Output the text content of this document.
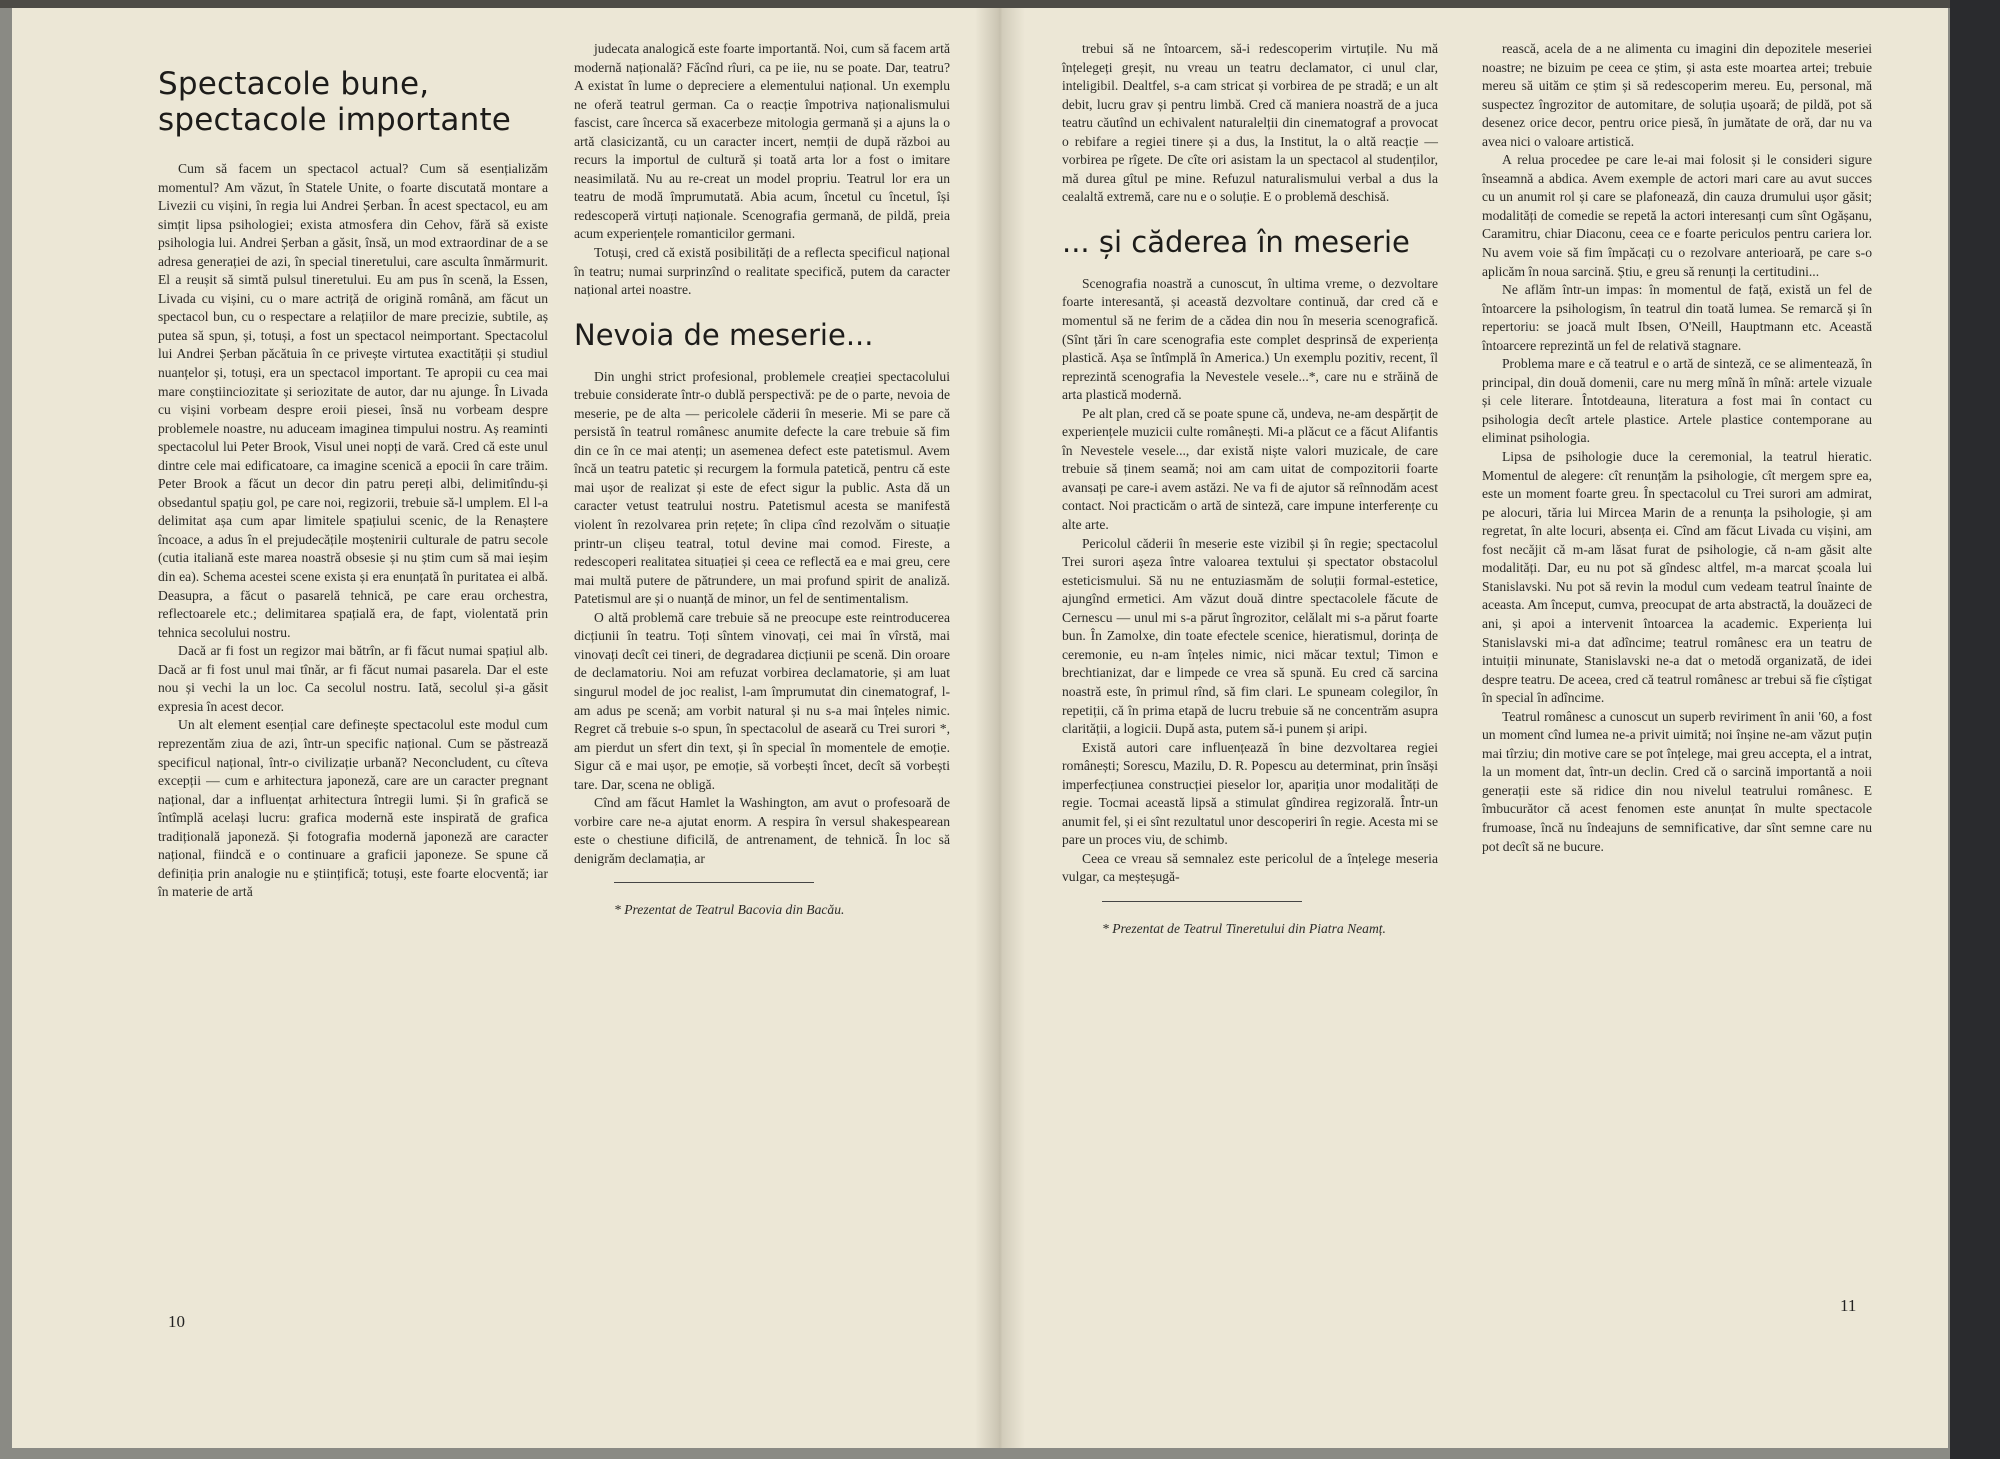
Spectacole bune, spectacole importante

Cum să facem un spectacol actual? Cum să esențializăm momentul? Am văzut, în Statele Unite, o foarte discutată montare a Livezii cu vișini, în regia lui Andrei Șerban. În acest spectacol, eu am simțit lipsa psihologiei; exista atmosfera din Cehov, fără să existe psihologia lui. Andrei Șerban a găsit, însă, un mod extraordinar de a se adresa generației de azi, în special tineretului, care asculta înmărmurit. El a reușit să simtă pulsul tineretului. Eu am pus în scenă, la Essen, Livada cu vișini, cu o mare actriță de origină română, am făcut un spectacol bun, cu o respectare a relațiilor de mare precizie, subtile, aș putea să spun, și, totuși, a fost un spectacol neimportant. Spectacolul lui Andrei Șerban păcătuia în ce privește virtutea exactității și studiul nuanțelor și, totuși, era un spectacol important. Te apropii cu cea mai mare conștiinciozitate și seriozitate de autor, dar nu ajunge. În Livada cu vișini vorbeam despre eroii piesei, însă nu vorbeam despre problemele noastre, nu aduceam imaginea timpului nostru. Aș reaminti spectacolul lui Peter Brook, Visul unei nopți de vară. Cred că este unul dintre cele mai edificatoare, ca imagine scenică a epocii în care trăim. Peter Brook a făcut un decor din patru pereți albi, delimitîndu-și obsedantul spațiu gol, pe care noi, regizorii, trebuie să-l umplem. El l-a delimitat așa cum apar limitele spațiului scenic, de la Renaștere încoace, a adus în el prejudecățile moștenirii culturale de patru secole (cutia italiană este marea noastră obsesie și nu știm cum să mai ieșim din ea). Schema acestei scene exista și era enunțată în puritatea ei albă. Deasupra, a făcut o pasarelă tehnică, pe care erau orchestra, reflectoarele etc.; delimitarea spațială era, de fapt, violentată prin tehnica secolului nostru.

Dacă ar fi fost un regizor mai bătrîn, ar fi făcut numai spațiul alb. Dacă ar fi fost unul mai tînăr, ar fi făcut numai pasarela. Dar el este nou și vechi la un loc. Ca secolul nostru. Iată, secolul și-a găsit expresia în acest decor.

Un alt element esențial care definește spectacolul este modul cum reprezentăm ziua de azi, într-un specific național. Cum se păstrează specificul național, într-o civilizație urbană? Neconcludent, cu cîteva excepții — cum e arhitectura japoneză, care are un caracter pregnant național, dar a influențat arhitectura întregii lumi. Și în grafică se întîmplă același lucru: grafica modernă este inspirată de grafica tradițională japoneză. Și fotografia modernă japoneză are caracter național, fiindcă e o continuare a graficii japoneze. Se spune că definiția prin analogie nu e științifică; totuși, este foarte elocventă; iar în materie de artă

judecata analogică este foarte importantă. Noi, cum să facem artă modernă națională? Făcînd rîuri, ca pe iie, nu se poate. Dar, teatru? A existat în lume o depreciere a elementului național. Un exemplu ne oferă teatrul german. Ca o reacție împotriva naționalismului fascist, care încerca să exacerbeze mitologia germană și a ajuns la o artă clasicizantă, cu un caracter incert, nemții de după război au recurs la importul de cultură și toată arta lor a fost o imitare neasimilată. Nu au re-creat un model propriu. Teatrul lor era un teatru de modă împrumutată. Abia acum, încetul cu încetul, își redescoperă virtuți naționale. Scenografia germană, de pildă, preia acum experiențele romanticilor germani.

Totuși, cred că există posibilități de a reflecta specificul național în teatru; numai surprinzînd o realitate specifică, putem da caracter național artei noastre.

Nevoia de meserie...

Din unghi strict profesional, problemele creației spectacolului trebuie considerate într-o dublă perspectivă: pe de o parte, nevoia de meserie, pe de alta — pericolele căderii în meserie. Mi se pare că persistă în teatrul românesc anumite defecte la care trebuie să fim din ce în ce mai atenți; un asemenea defect este patetismul. Avem încă un teatru patetic și recurgem la formula patetică, pentru că este mai ușor de realizat și este de efect sigur la public. Asta dă un caracter vetust teatrului nostru. Patetismul acesta se manifestă violent în rezolvarea prin rețete; în clipa cînd rezolvăm o situație printr-un clișeu teatral, totul devine mai comod. Fireste, a redescoperi realitatea situației și ceea ce reflectă ea e mai greu, cere mai multă putere de pătrundere, un mai profund spirit de analiză. Patetismul are și o nuanță de minor, un fel de sentimentalism.

O altă problemă care trebuie să ne preocupe este reintroducerea dicțiunii în teatru. Toți sîntem vinovați, cei mai în vîrstă, mai vinovați decît cei tineri, de degradarea dicțiunii pe scenă. Din oroare de declamatoriu. Noi am refuzat vorbirea declamatorie, și am luat singurul model de joc realist, l-am împrumutat din cinematograf, l-am adus pe scenă; am vorbit natural și nu s-a mai înțeles nimic. Regret că trebuie s-o spun, în spectacolul de aseară cu Trei surori *, am pierdut un sfert din text, și în special în momentele de emoție. Sigur că e mai ușor, pe emoție, să vorbești încet, decît să vorbești tare. Dar, scena ne obligă.

Cînd am făcut Hamlet la Washington, am avut o profesoară de vorbire care ne-a ajutat enorm. A respira în versul shakespearean este o chestiune dificilă, de antrenament, de tehnică. În loc să denigrăm declamația, ar

* Prezentat de Teatrul Bacovia din Bacău.

trebui să ne întoarcem, să-i redescoperim virtuțile. Nu mă înțelegeți greșit, nu vreau un teatru declamator, ci unul clar, inteligibil. Dealtfel, s-a cam stricat și vorbirea de pe stradă; e un alt debit, lucru grav și pentru limbă. Cred că maniera noastră de a juca teatru căutînd un echivalent naturalelții din cinematograf a provocat o rebifare a regiei tinere și a dus, la Institut, la o altă reacție — vorbirea pe rîgete. De cîte ori asistam la un spectacol al studenților, mă durea gîtul pe mine. Refuzul naturalismului verbal a dus la cealaltă extremă, care nu e o soluție. E o problemă deschisă.

... și căderea în meserie

Scenografia noastră a cunoscut, în ultima vreme, o dezvoltare foarte interesantă, și această dezvoltare continuă, dar cred că e momentul să ne ferim de a cădea din nou în meseria scenografică. (Sînt țări în care scenografia este complet desprinsă de experiența plastică. Așa se întîmplă în America.) Un exemplu pozitiv, recent, îl reprezintă scenografia la Nevestele vesele...*, care nu e străină de arta plastică modernă.

Pe alt plan, cred că se poate spune că, undeva, ne-am despărțit de experiențele muzicii culte românești. Mi-a plăcut ce a făcut Alifantis în Nevestele vesele..., dar există niște valori muzicale, de care trebuie să ținem seamă; noi am cam uitat de compozitorii foarte avansați pe care-i avem astăzi. Ne va fi de ajutor să reînnodăm acest contact. Noi practicăm o artă de sinteză, care impune interferențe cu alte arte.

Pericolul căderii în meserie este vizibil și în regie; spectacolul Trei surori așeza între valoarea textului și spectator obstacolul esteticismului. Să nu ne entuziasmăm de soluții formal-estetice, ajungînd ermetici. Am văzut două dintre spectacolele făcute de Cernescu — unul mi s-a părut îngrozitor, celălalt mi s-a părut foarte bun. În Zamolxe, din toate efectele scenice, hieratismul, dorința de ceremonie, eu n-am înțeles nimic, nici măcar textul; Timon e brechtianizat, dar e limpede ce vrea să spună. Eu cred că sarcina noastră este, în primul rînd, să fim clari. Le spuneam colegilor, în repetiții, că în prima etapă de lucru trebuie să ne concentrăm asupra clarității, a logicii. După asta, putem să-i punem și aripi.

Există autori care influențează în bine dezvoltarea regiei românești; Sorescu, Mazilu, D. R. Popescu au determinat, prin însăși imperfecțiunea construcției pieselor lor, apariția unor modalități de regie. Tocmai această lipsă a stimulat gîndirea regizorală. Într-un anumit fel, și ei sînt rezultatul unor descoperiri în regie. Acesta mi se pare un proces viu, de schimb.

Ceea ce vreau să semnalez este pericolul de a înțelege meseria vulgar, ca meșteșugă-

* Prezentat de Teatrul Tineretului din Piatra Neamț.

rească, acela de a ne alimenta cu imagini din depozitele meseriei noastre; ne bizuim pe ceea ce știm, și asta este moartea artei; trebuie mereu să uităm ce știm și să redescoperim mereu. Eu, personal, mă suspectez îngrozitor de automitare, de soluția ușoară; de pildă, pot să desenez orice decor, pentru orice piesă, în jumătate de oră, dar nu va avea nici o valoare artistică.

A relua procedee pe care le-ai mai folosit și le considerі sigure înseamnă a abdica. Avem exemple de actori mari care au avut succes cu un anumit rol și care se plafonează, din cauza drumului ușor găsit; modalități de comedie se repetă la actori interesanți cum sînt Ogășanu, Caramitru, chiar Diaconu, ceea ce e foarte periculos pentru cariera lor. Nu avem voie să fim împăcați cu o rezolvare anterioară, pe care s-o aplicăm în noua sarcină. Știu, e greu să renunți la certitudini...

Ne aflăm într-un impas: în momentul de față, există un fel de întoarcere la psihologism, în teatrul din toată lumea. Se remarcă și în repertoriu: se joacă mult Ibsen, O'Neill, Hauptmann etc. Această întoarcere reprezintă un fel de relativă stagnare.

Problema mare e că teatrul e o artă de sinteză, ce se alimentează, în principal, din două domenii, care nu merg mînă în mînă: artele vizuale și cele literare. Întotdeauna, literatura a fost mai în contact cu psihologia decît artele plastice. Artele plastice contemporane au eliminat psihologia.

Lipsa de psihologie duce la ceremonial, la teatrul hieratic. Momentul de alegere: cît renunțăm la psihologie, cît mergem spre ea, este un moment foarte greu. În spectacolul cu Trei surori am admirat, pe alocuri, tăria lui Mircea Marin de a renunța la psihologie, și am regretat, în alte locuri, absența ei. Cînd am făcut Livada cu vișini, am fost necăjit că m-am lăsat furat de psihologie, că n-am găsit alte modalități. Dar, eu nu pot să gîndesc altfel, m-a marcat școala lui Stanislavski. Nu pot să revin la modul cum vedeam teatrul înainte de aceasta. Am început, cumva, preocupat de arta abstractă, la douăzeci de ani, și apoi a intervenit întoarcea la academic. Experiența lui Stanislavski mi-a dat adîncime; teatrul românesc era un teatru de intuiții minunate, Stanislavski ne-a dat o metodă organizată, de idei despre teatru. De aceea, cred că teatrul românesc ar trebui să fie cîștigat în special în adîncime.

Teatrul românesc a cunoscut un superb reviriment în anii '60, a fost un moment cînd lumea ne-a privit uimită; noi înșine ne-am văzut puțin mai tîrziu; din motive care se pot înțelege, mai greu accepta, el a intrat, la un moment dat, într-un declin. Cred că o sarcină importantă a noii generații este să ridice din nou nivelul teatrului românesc. E îmbucurător că acest fenomen este anunțat în multe spectacole frumoase, încă nu îndeajuns de semnificative, dar sînt semne care nu pot decît să ne bucure.

10
11
